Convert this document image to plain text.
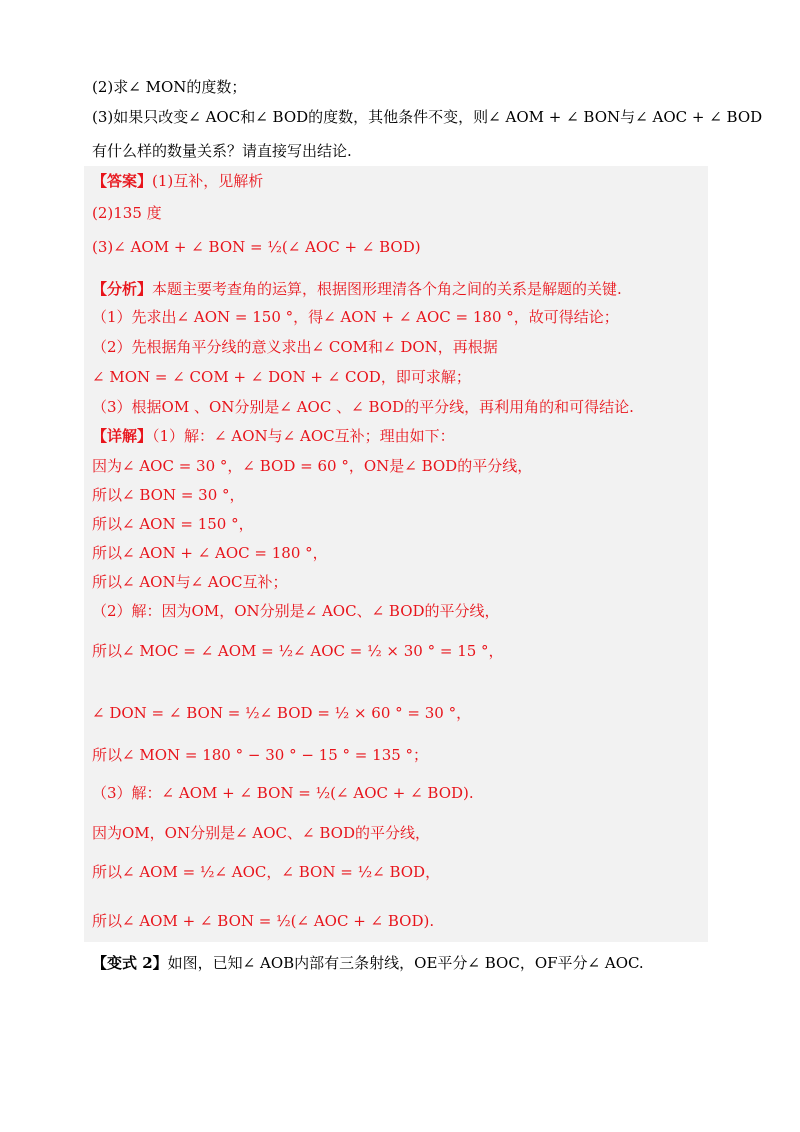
(2)求∠ MON的度数；
(3)如果只改变∠ AOC和∠ BOD的度数，其他条件不变，则∠ AOM + ∠ BON与∠ AOC + ∠ BOD
有什么样的数量关系？请直接写出结论.
【答案】(1)互补，见解析
(2)135 度
(3)∠ AOM + ∠ BON = ½(∠ AOC + ∠ BOD)
【分析】本题主要考查角的运算，根据图形理清各个角之间的关系是解题的关键.
（1）先求出∠ AON = 150 °，得∠ AON + ∠ AOC = 180 °，故可得结论；
（2）先根据角平分线的意义求出∠ COM和∠ DON，再根据
∠ MON = ∠ COM + ∠ DON + ∠ COD，即可求解；
（3）根据OM 、ON分别是∠ AOC 、∠ BOD的平分线，再利用角的和可得结论.
【详解】（1）解：∠ AON与∠ AOC互补；理由如下：
因为∠ AOC = 30 °，∠ BOD = 60 °，ON是∠ BOD的平分线，
所以∠ BON = 30 °，
所以∠ AON = 150 °，
所以∠ AON + ∠ AOC = 180 °，
所以∠ AON与∠ AOC互补；
（2）解：因为OM，ON分别是∠ AOC、∠ BOD的平分线，
所以∠ MOC = ∠ AOM = ½∠ AOC = ½ × 30 ° = 15 °，
∠ DON = ∠ BON = ½∠ BOD = ½ × 60 ° = 30 °，
所以∠ MON = 180 ° − 30 ° − 15 ° = 135 °；
（3）解：∠ AOM + ∠ BON = ½(∠ AOC + ∠ BOD).
因为OM，ON分别是∠ AOC、∠ BOD的平分线，
所以∠ AOM = ½∠ AOC，∠ BON = ½∠ BOD，
所以∠ AOM + ∠ BON = ½(∠ AOC + ∠ BOD).
【变式 2】如图，已知∠ AOB内部有三条射线，OE平分∠ BOC，OF平分∠ AOC.
